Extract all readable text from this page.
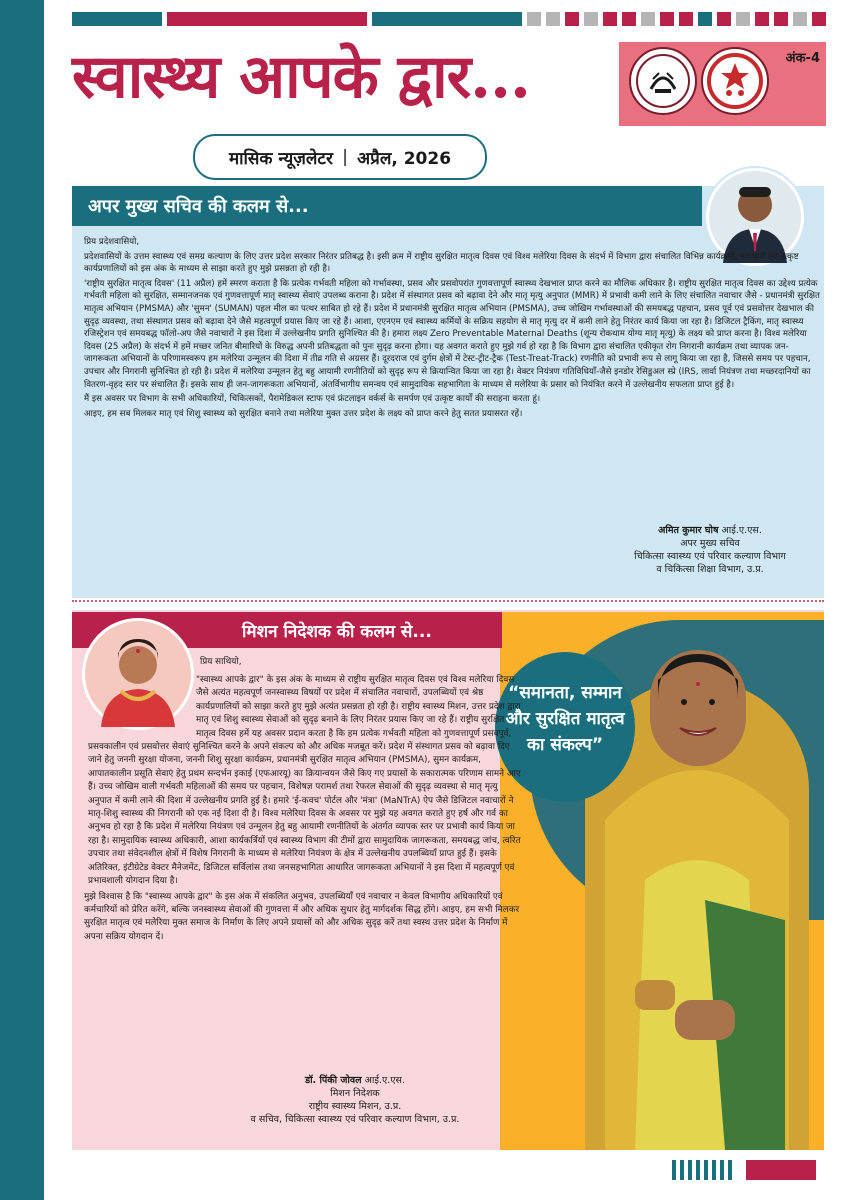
स्वास्थ्य आपके द्वार...	अंक-4
मासिक न्यूज़लेटर | अप्रैल, 2026
अपर मुख्य सचिव की कलम से...

प्रिय प्रदेशवासियो,

प्रदेशवासियों के उत्तम स्वास्थ्य एवं समग्र कल्याण के लिए उत्तर प्रदेश सरकार निरंतर प्रतिबद्ध है। इसी क्रम में राष्ट्रीय सुरक्षित मातृत्व दिवस एवं विश्व मलेरिया दिवस के संदर्भ में विभाग द्वारा संचालित विभिन्न कार्यक्रमों, नवाचारों एवं उत्कृष्ट कार्यप्रणालियों को इस अंक के माध्यम से साझा करते हुए मुझे प्रसन्नता हो रही है।

'राष्ट्रीय सुरक्षित मातृत्व दिवस' (11 अप्रैल) हमें स्मरण कराता है कि प्रत्येक गर्भवती महिला को गर्भावस्था, प्रसव और प्रसवोपरांत गुणवत्तापूर्ण स्वास्थ्य देखभाल प्राप्त करने का मौलिक अधिकार है। राष्ट्रीय सुरक्षित मातृत्व दिवस का उद्देश्य प्रत्येक गर्भवती महिला को सुरक्षित, सम्मानजनक एवं गुणवत्तापूर्ण मातृ स्वास्थ्य सेवाएं उपलब्ध कराना है। प्रदेश में संस्थागत प्रसव को बढ़ावा देने और मातृ मृत्यु अनुपात (MMR) में प्रभावी कमी लाने के लिए संचालित नवाचार जैसे - प्रधानमंत्री सुरक्षित मातृत्व अभियान (PMSMA) और 'सुमन' (SUMAN) पहल मील का पत्थर साबित हो रहे हैं। प्रदेश में प्रधानमंत्री सुरक्षित मातृत्व अभियान (PMSMA), उच्च जोखिम गर्भावस्थाओं की समयबद्ध पहचान, प्रसव पूर्व एवं प्रसवोत्तर देखभाल की सुदृढ़ व्यवस्था, तथा संस्थागत प्रसव को बढ़ावा देने जैसे महत्वपूर्ण प्रयास किए जा रहे हैं। आशा, एएनएम एवं स्वास्थ्य कर्मियों के सक्रिय सहयोग से मातृ मृत्यु दर में कमी लाने हेतु निरंतर कार्य किया जा रहा है। डिजिटल ट्रैकिंग, मातृ स्वास्थ्य रजिस्ट्रेशन एवं समयबद्ध फॉलो-अप जैसे नवाचारों ने इस दिशा में उल्लेखनीय प्रगति सुनिश्चित की है। हमारा लक्ष्य Zero Preventable Maternal Deaths (शून्य रोकथाम योग्य मातृ मृत्यु) के लक्ष्य को प्राप्त करना है। विश्व मलेरिया दिवस (25 अप्रैल) के संदर्भ में हमें मच्छर जनित बीमारियों के विरुद्ध अपनी प्रतिबद्धता को पुनः सुदृढ़ करना होगा। यह अवगत कराते हुए मुझे गर्व हो रहा है कि विभाग द्वारा संचालित एकीकृत रोग निगरानी कार्यक्रम तथा व्यापक जन-जागरूकता अभियानों के परिणामस्वरूप हम मलेरिया उन्मूलन की दिशा में तीव्र गति से अग्रसर हैं। दूरदराज एवं दुर्गम क्षेत्रों में टेस्ट-ट्रीट-ट्रैक (Test-Treat-Track) रणनीति को प्रभावी रूप से लागू किया जा रहा है, जिससे समय पर पहचान, उपचार और निगरानी सुनिश्चित हो रही है। प्रदेश में मलेरिया उन्मूलन हेतु बहु आयामी रणनीतियों को सुदृढ़ रूप से क्रियान्वित किया जा रहा है। वेक्टर नियंत्रण गतिविधियाँ-जैसे इनडोर रेसिडुअल स्प्रे (IRS, लार्वा नियंत्रण तथा मच्छरदानियों का वितरण-वृहद स्तर पर संचालित हैं। इसके साथ ही जन-जागरूकता अभियानों, अंतर्विभागीय समन्वय एवं सामुदायिक सहभागिता के माध्यम से मलेरिया के प्रसार को नियंत्रित करने में उल्लेखनीय सफलता प्राप्त हुई है।

मैं इस अवसर पर विभाग के सभी अधिकारियों, चिकित्सकों, पैरामेडिकल स्टाफ एवं फ्रंटलाइन वर्कर्स के समर्पण एवं उत्कृष्ट कार्यों की सराहना करता हूं।

आइए, हम सब मिलकर मातृ एवं शिशु स्वास्थ्य को सुरक्षित बनाने तथा मलेरिया मुक्त उत्तर प्रदेश के लक्ष्य को प्राप्त करने हेतु सतत प्रयासरत रहें।

अमित कुमार घोष आई.ए.एस.
अपर मुख्य सचिव
चिकित्सा स्वास्थ्य एवं परिवार कल्याण विभाग
व चिकित्सा शिक्षा विभाग, उ.प्र.
“समानता, सम्मान और सुरक्षित मातृत्व का संकल्प”
मिशन निदेशक की कलम से...

प्रिय साथियो,

"स्वास्थ्य आपके द्वार" के इस अंक के माध्यम से राष्ट्रीय सुरक्षित मातृत्व दिवस एवं विश्व मलेरिया दिवस जैसे अत्यंत महत्वपूर्ण जनस्वास्थ्य विषयों पर प्रदेश में संचालित नवाचारों, उपलब्धियों एवं श्रेष्ठ कार्यप्रणालियों को साझा करते हुए मुझे अत्यंत प्रसन्नता हो रही है। राष्ट्रीय स्वास्थ्य मिशन, उत्तर प्रदेश द्वारा मातृ एवं शिशु स्वास्थ्य सेवाओं को सुदृढ़ बनाने के लिए निरंतर प्रयास किए जा रहे हैं। राष्ट्रीय सुरक्षित मातृत्व दिवस हमें यह अवसर प्रदान करता है कि हम प्रत्येक गर्भवती महिला को गुणवत्तापूर्ण प्रसवपूर्व, प्रसवकालीन एवं प्रसवोत्तर सेवाएं सुनिश्चित करने के अपने संकल्प को और अधिक मजबूत करें। प्रदेश में संस्थागत प्रसव को बढ़ावा दिए जाने हेतु जननी सुरक्षा योजना, जननी शिशु सुरक्षा कार्यक्रम, प्रधानमंत्री सुरक्षित मातृत्व अभियान (PMSMA), सुमन कार्यक्रम, आपातकालीन प्रसूति सेवाएं हेतु प्रथम सन्दर्भन इकाई (एफआरयू) का क्रियान्वयन जैसे किए गए प्रयासों के सकारात्मक परिणाम सामने आए हैं। उच्च जोखिम वाली गर्भवती महिलाओं की समय पर पहचान, विशेषज्ञ परामर्श तथा रेफरल सेवाओं की सुदृढ़ व्यवस्था से मातृ मृत्यु अनुपात में कमी लाने की दिशा में उल्लेखनीय प्रगति हुई है। हमारे 'ई-कवच' पोर्टल और 'मंत्रा' (MaNTrA) ऐप जैसे डिजिटल नवाचारों ने मातृ-शिशु स्वास्थ्य की निगरानी को एक नई दिशा दी है। विश्व मलेरिया दिवस के अवसर पर मुझे यह अवगत कराते हुए हर्ष और गर्व का अनुभव हो रहा है कि प्रदेश में मलेरिया नियंत्रण एवं उन्मूलन हेतु बहु आयामी रणनीतियों के अंतर्गत व्यापक स्तर पर प्रभावी कार्य किया जा रहा है। सामुदायिक स्वास्थ्य अधिकारी, आशा कार्यकर्त्रियों एवं स्वास्थ्य विभाग की टीमों द्वारा सामुदायिक जागरूकता, समयबद्ध जांच, त्वरित उपचार तथा संवेदनशील क्षेत्रों में विशेष निगरानी के माध्यम से मलेरिया नियंत्रण के क्षेत्र में उल्लेखनीय उपलब्धियाँ प्राप्त हुई हैं। इसके अतिरिक्त, इंटीग्रेटेड वेक्टर मैनेजमेंट, डिजिटल सर्विलांस तथा जनसहभागिता आधारित जागरूकता अभियानों ने इस दिशा में महत्वपूर्ण एवं प्रभावशाली योगदान दिया है।

मुझे विश्वास है कि "स्वास्थ्य आपके द्वार" के इस अंक में संकलित अनुभव, उपलब्धियाँ एवं नवाचार न केवल विभागीय अधिकारियों एवं कर्मचारियों को प्रेरित करेंगे, बल्कि जनस्वास्थ्य सेवाओं की गुणवत्ता में और अधिक सुधार हेतु मार्गदर्शक सिद्ध होंगे। आइए, हम सभी मिलकर सुरक्षित मातृत्व एवं मलेरिया मुक्त समाज के निर्माण के लिए अपने प्रयासों को और अधिक सुदृढ़ करें तथा स्वस्थ उत्तर प्रदेश के निर्माण में अपना सक्रिय योगदान दें।

डॉ. पिंकी जोवल आई.ए.एस.
मिशन निदेशक
राष्ट्रीय स्वास्थ्य मिशन, उ.प्र.
व सचिव, चिकित्सा स्वास्थ्य एवं परिवार कल्याण विभाग, उ.प्र.
